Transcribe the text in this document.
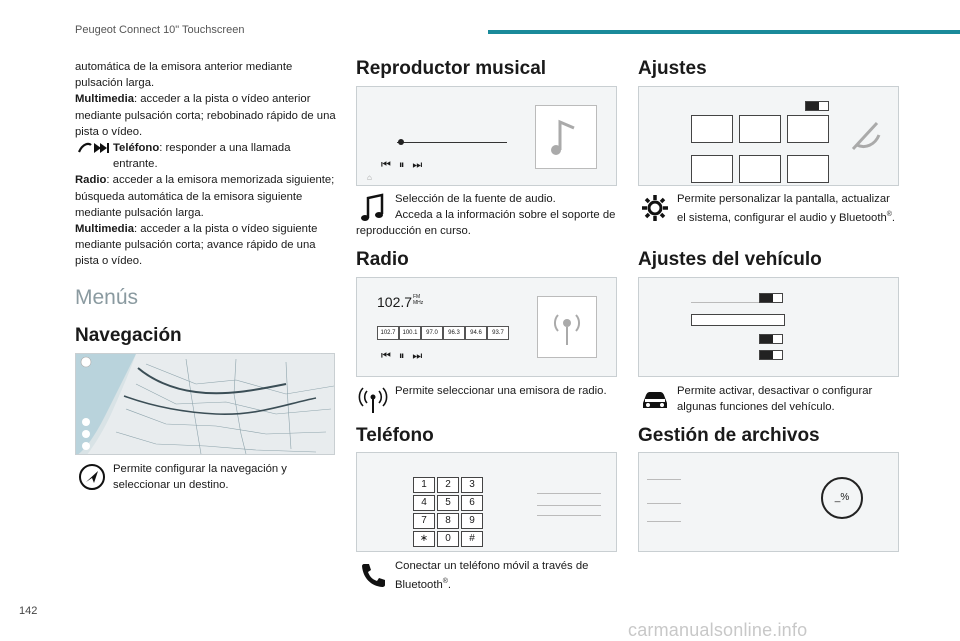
Peugeot Connect 10" Touchscreen
automática de la emisora anterior mediante pulsación larga.
Multimedia: acceder a la pista o vídeo anterior mediante pulsación corta; rebobinado rápido de una pista o vídeo.
Teléfono: responder a una llamada entrante.
Radio: acceder a la emisora memorizada siguiente; búsqueda automática de la emisora siguiente mediante pulsación larga.
Multimedia: acceder a la pista o vídeo siguiente mediante pulsación corta; avance rápido de una pista o vídeo.
Menús
Navegación
Permite configurar la navegación y seleccionar un destino.
Reproductor musical
⏮⏸⏭
⌂
Selección de la fuente de audio.
Acceda a la información sobre el soporte de reproducción en curso.
Radio
102.7 FM
MHz
102.7	100.1	97.0	96.3	94.6	93.7
⏮⏸⏭
Permite seleccionar una emisora de radio.
Teléfono
1	2	3
4	5	6
7	8	9
∗	0	#
Conectar un teléfono móvil a través de Bluetooth®.
Ajustes
Permite personalizar la pantalla, actualizar el sistema, configurar el audio y Bluetooth®.
Ajustes del vehículo
Permite activar, desactivar o configurar algunas funciones del vehículo.
Gestión de archivos
_%
142
carmanualsonline.info
